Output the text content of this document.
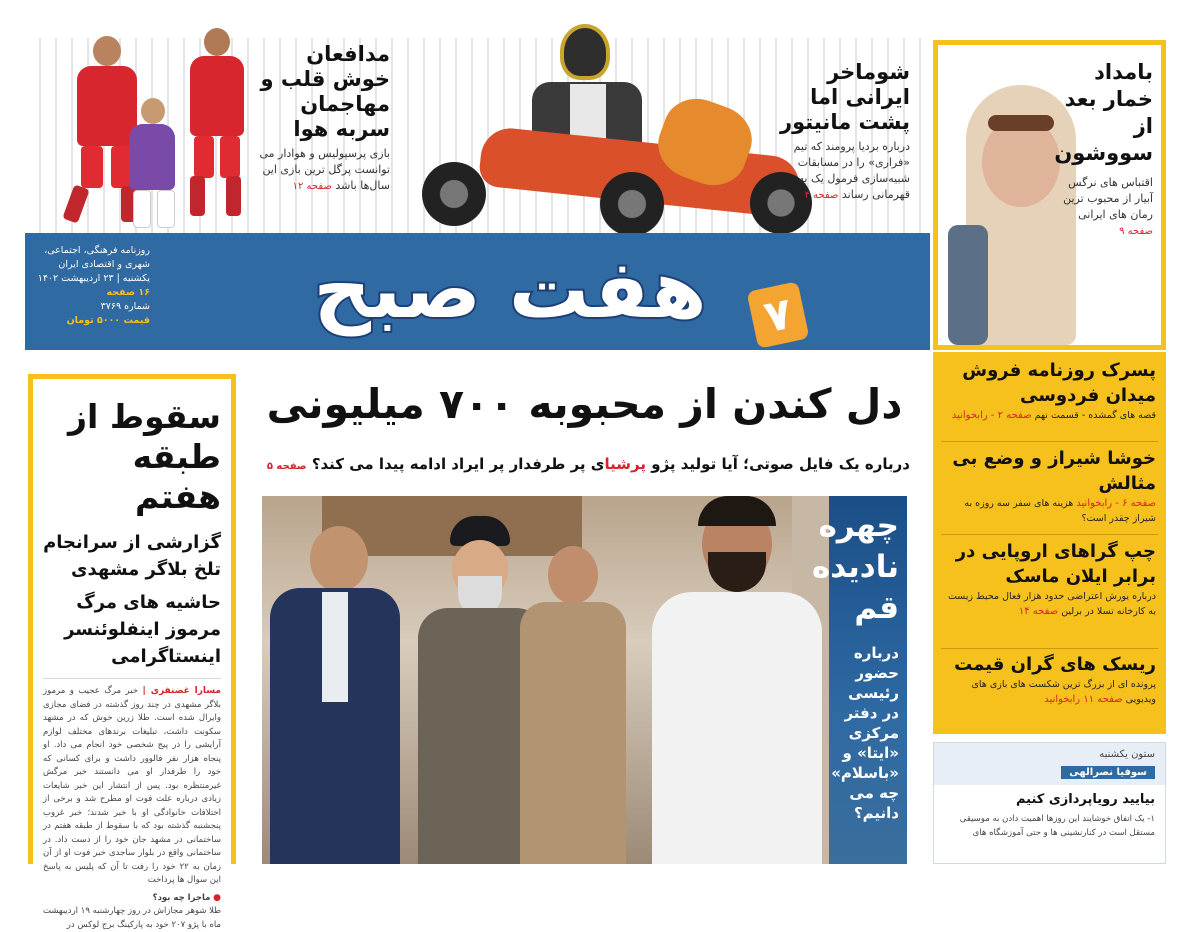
مدافعان خوش قلب و مهاجمان سربه هوا

بازی پرسپولیس و هوادار می توانست پرگل ترین بازی این سال‌ها باشد صفحه ۱۲

شوماخر ایرانی اما پشت مانیتور

درباره بردیا پرومند که تیم «فراری» را در مسابقات شبیه‌سازی فرمول یک به قهرمانی رساند صفحه ۴

بامداد خمار بعد از سووشون

اقتباس های نرگس آبیار از محبوب ترین رمان های ایرانی صفحه ۹

روزنامه فرهنگی، اجتماعی،
شهری و اقتصادی ایران
یکشنبه | ۲۳ اردیبهشت ۱۴۰۲
۱۶ صفحه
شماره ۳۷۶۹
قیمت ۵۰۰۰ تومان	هفت صبح	۷
دل کندن از محبوبه ۷۰۰ میلیونی
درباره یک فایل صوتی؛ آیا تولید پژو پرشیای پر طرفدار پر ایراد ادامه پیدا می کند؟ صفحه ۵
سقوط از
طبقه هفتم
گزارشی از سرانجام تلخ بلاگر مشهدی
حاشیه های مرگ مرموز اینفلوئنسر اینستاگرامی

مسارا غضنفری | خبر مرگ عجیب و مرموز بلاگر مشهدی در چند روز گذشته در فضای مجازی وایرال شده است. طلا زرین خوش که در مشهد سکونت داشت، تبلیغات برندهای مختلف لوازم آرایشی را در پیج شخصی خود انجام می داد. او پنجاه هزار نفر فالوور داشت و برای کسانی که خود را طرفدار او می دانستند خبر مرگش غیرمنتظره بود. پس از انتشار این خبر شایعات زیادی درباره علت فوت او مطرح شد و برخی از اختلافات خانوادگی او با خبر شدند؛ خبر غروب پنجشنبه گذشته بود که با سقوط از طبقه هفتم در ساختمانی در مشهد جان خود را از دست داد. در ساختمانی واقع در بلوار ساجدی خبر فوت او از آن زمان به ۲۲ خود را رفت تا آن که پلیس به پاسخ این سوال ها پرداخت

● ماجرا چه بود؟

طلا شوهر مجازاش در روز چهارشنبه ۱۹ اردیبهشت ماه با پژو ۲۰۷ خود به پارکینگ برج لوکس در

چهره
نادیده
قم

درباره حضور رئیسی در دفتر مرکزی «ایتا» و «باسلام» چه می دانیم؟

پسرک روزنامه فروش میدان فردوسی

قصه های گمشده - قسمت نهم صفحه ۲ - رابخوانید

خوشا شیراز و وضع بی مثالش

صفحه ۶ - رابخوانید هزینه های سفر سه روزه به شیراز چقدر است؟

چپ گراهای اروپایی در برابر ایلان ماسک

درباره یورش اعتراضی حدود هزار فعال محیط زیست به کارخانه تسلا در برلین صفحه ۱۴

ریسک های گران قیمت

پرونده ای از بزرگ ترین شکست های بازی های ویدیویی صفحه ۱۱ رابخوانید

ستون یکشنبه
سوفیا نصرالهی
بیایید رویاپردازی کنیم

۱- یک اتفاق خوشایند این روزها اهمیت دادن به موسیقی مستقل است در کنارنشینی ها و حتی آموزشگاه های
